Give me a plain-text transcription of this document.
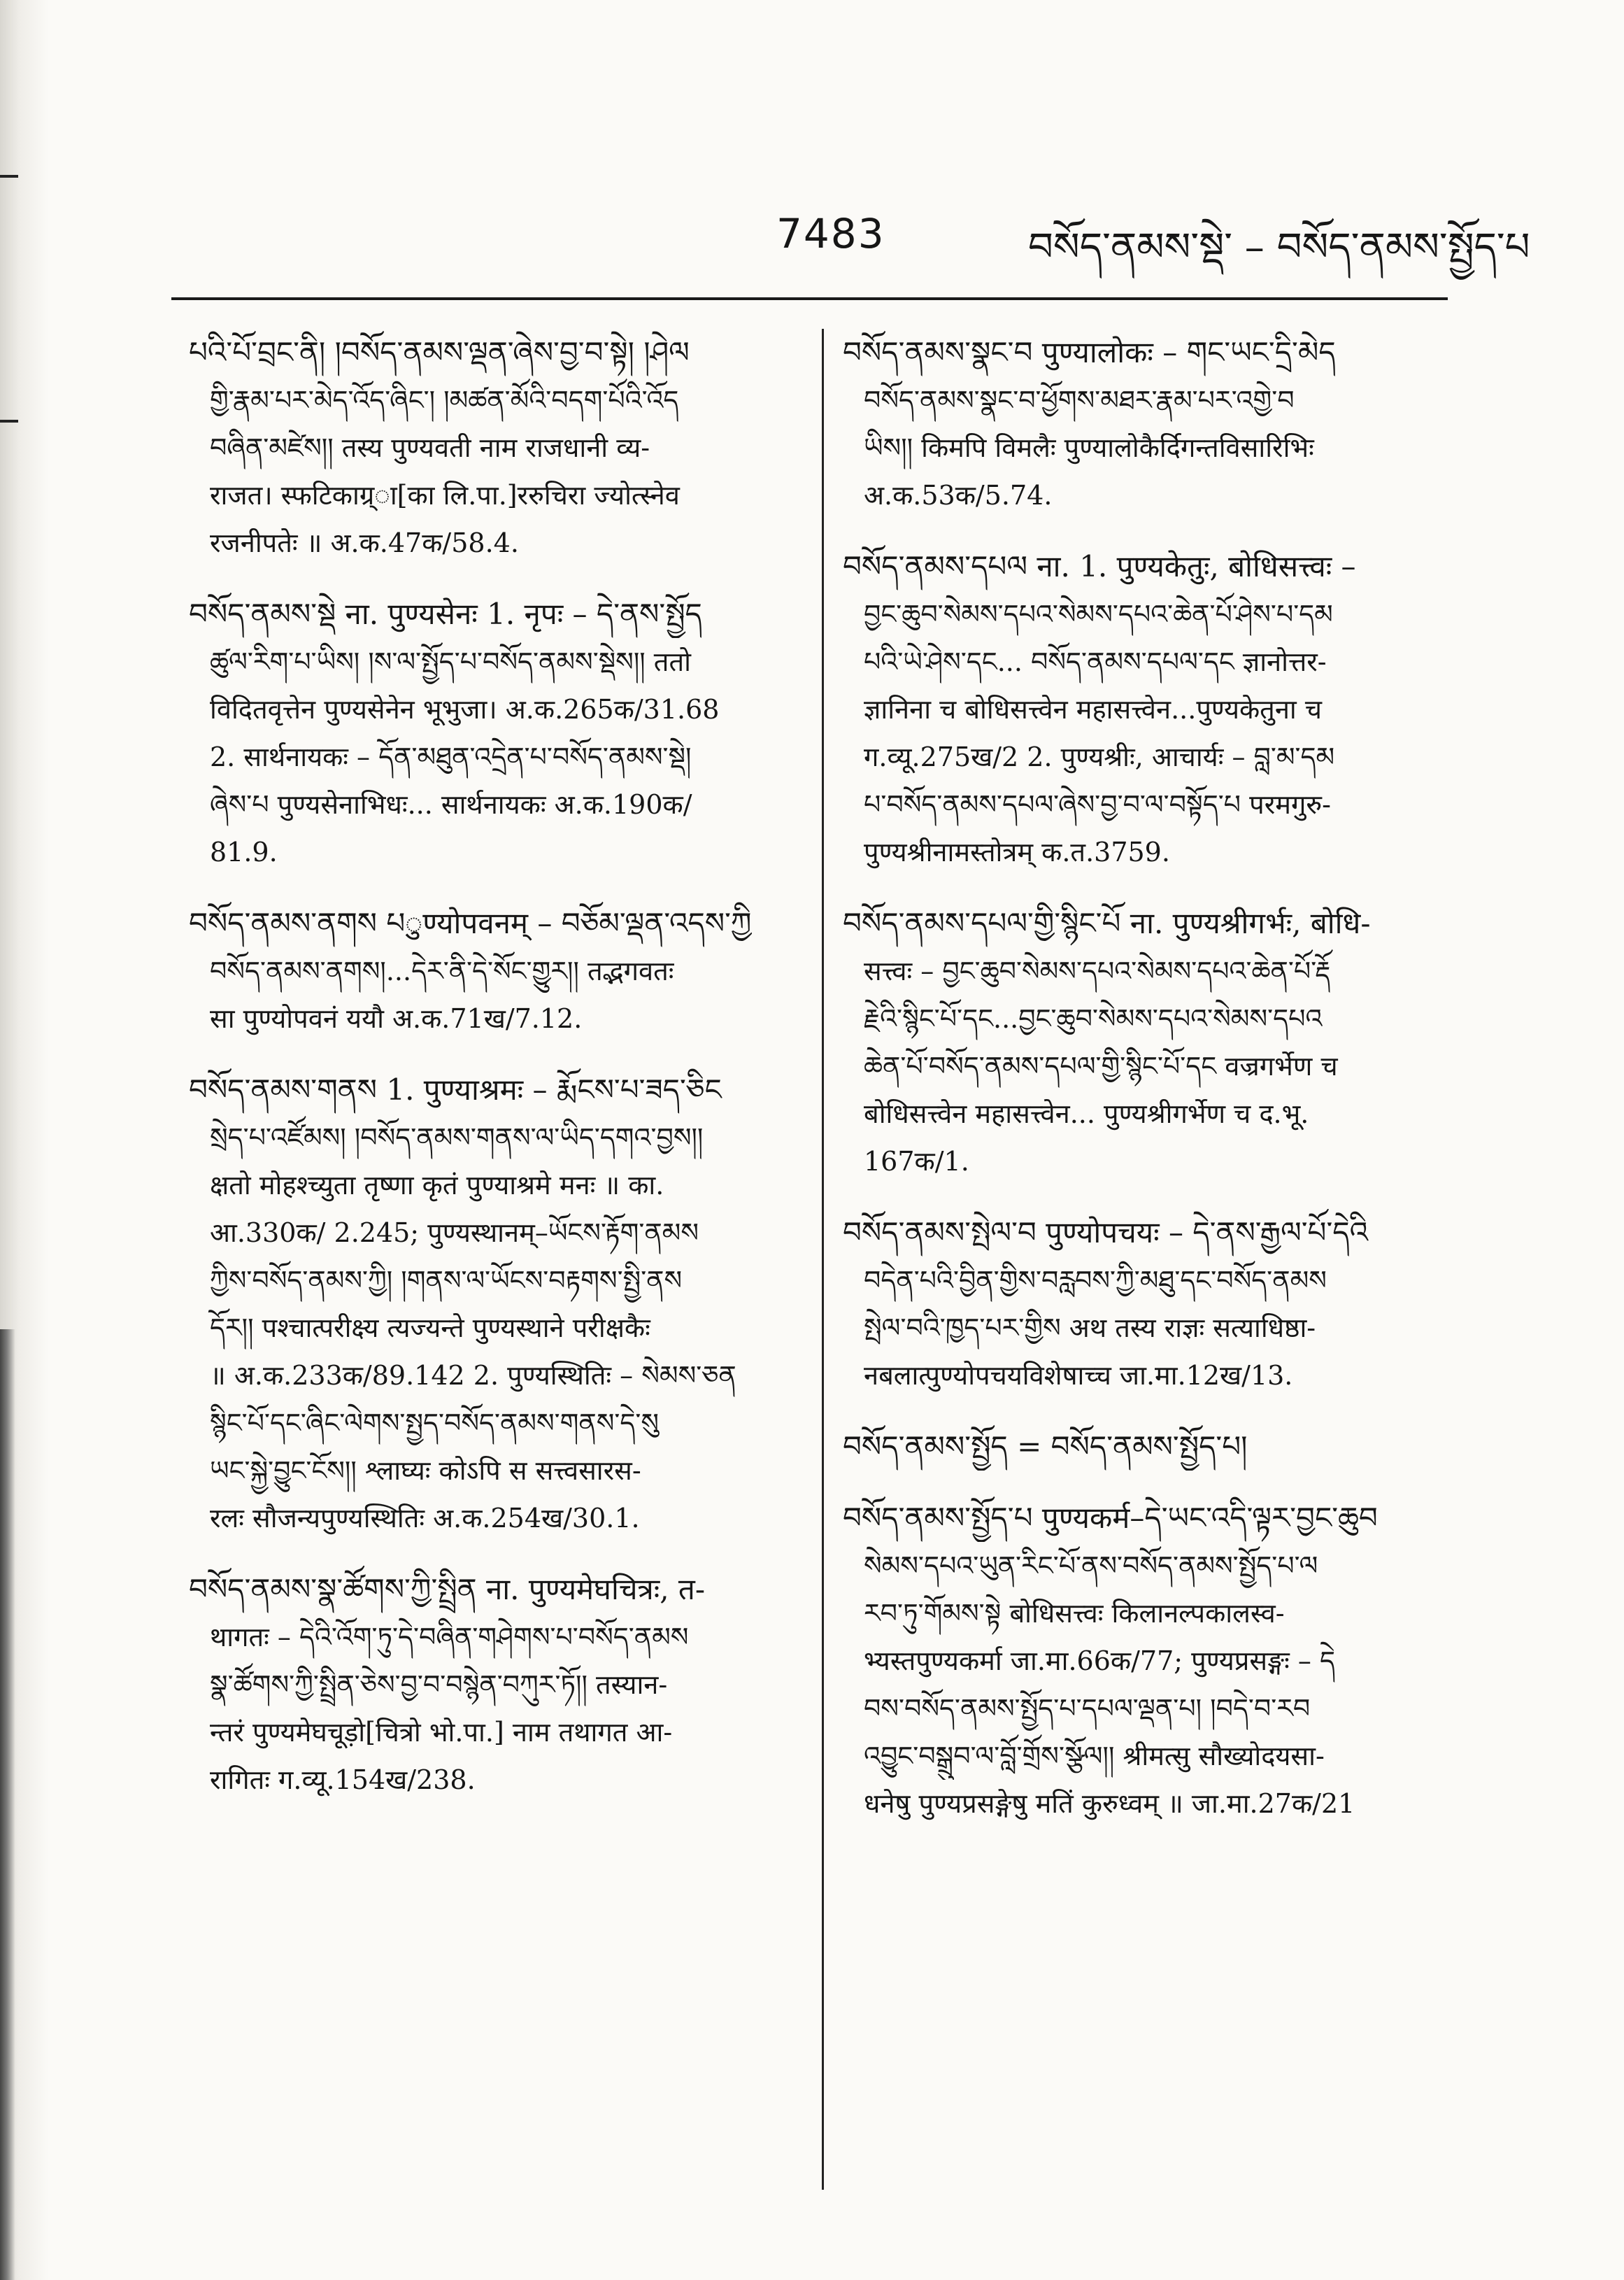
7483	བསོད་ནམས་སྡེ་ – བསོད་ནམས་སྤྱོད་པ
པའི་པོ་བྲང་ནི། །བསོད་ནམས་ལྡན་ཞེས་བྱ་བ་སྟེ། །ཤེལ
གྱི་རྣམ་པར་མེད་འོད་ཞིང་། །མཚན་མོའི་བདག་པོའི་འོད
བཞིན་མཛེས།། तस्य पुण्यवती नाम राजधानी व्य-
राजत। स्फटिकाग्र्ा[का लि.पा.]ररुचिरा ज्योत्स्नेव
रजनीपतेः ॥ अ.क.47क/58.4.
བསོད་ནམས་སྡེ ना. पुण्यसेनः 1. नृपः – དེ་ནས་སྤྱོད
ཚུལ་རིག་པ་ཡིས། །ས་ལ་སྤྱོད་པ་བསོད་ནམས་སྡེས།། ततो
विदितवृत्तेन पुण्यसेनेन भूभुजा। अ.क.265क/31.68
2. सार्थनायकः – དོན་མཐུན་འདྲེན་པ་བསོད་ནམས་སྡེ།
ཞེས་པ पुण्यसेनाभिधः... सार्थनायकः अ.क.190क/
81.9.
བསོད་ནམས་ནགས པुण्योपवनम् – བཅོམ་ལྡན་འདས་ཀྱི
བསོད་ནམས་ནགས།...དེར་ནི་དེ་སོང་གྱུར།། तद्भगवतः
सा पुण्योपवनं ययौ अ.क.71ख/7.12.
བསོད་ནམས་གནས 1. पुण्याश्रमः – རྨོངས་པ་ཟད་ཅིང
སྲེད་པ་འཛོམས། །བསོད་ནམས་གནས་ལ་ཡིད་དགའ་བྱས།།
क्षतो मोहश्च्युता तृष्णा कृतं पुण्याश्रमे मनः ॥ का.
आ.330क/ 2.245; पुण्यस्थानम्–ཡོངས་རྟོག་ནམས
ཀྱིས་བསོད་ནམས་ཀྱི། །གནས་ལ་ཡོངས་བརྟགས་སྤྱི་ནས
དོར།། पश्चात्परीक्ष्य त्यज्यन्ते पुण्यस्थाने परीक्षकैः
॥ अ.क.233क/89.142 2. पुण्यस्थितिः – སེམས་ཅན
སྙིང་པོ་དང་ཞིང་ལེགས་སྤྱད་བསོད་ནམས་གནས་དེ་སུ
ཡང་སྐྱེ་བྱུང་ངོས།། श्लाघ्यः कोऽपि स सत्त्वसारस-
रलः सौजन्यपुण्यस्थितिः अ.क.254ख/30.1.
བསོད་ནམས་སྣ་ཚོགས་ཀྱི་སྤྲིན ना. पुण्यमेघचित्रः, त-
थागतः – དེའི་འོག་ཏུ་དེ་བཞིན་གཤེགས་པ་བསོད་ནམས
སྣ་ཚོགས་ཀྱི་སྤྲིན་ཅེས་བྱ་བ་བསྙེན་བཀུར་ཏོ།། तस्यान-
न्तरं पुण्यमेघचूड़ो[चित्रो भो.पा.] नाम तथागत आ-
रागितः ग.व्यू.154ख/238.
བསོད་ནམས་སྣང་བ पुण्यालोकः – གང་ཡང་དྲི་མེད
བསོད་ནམས་སྣང་བ་ཕྱོགས་མཐར་རྣམ་པར་འགྱེ་བ
ཡིས།། किमपि विमलैः पुण्यालोकैर्दिगन्तविसारिभिः
अ.क.53क/5.74.
བསོད་ནམས་དཔལ ना. 1. पुण्यकेतुः, बोधिसत्त्वः –
བྱང་ཆུབ་སེམས་དཔའ་སེམས་དཔའ་ཆེན་པོ་ཤེས་པ་དམ
པའི་ཡེ་ཤེས་དང... བསོད་ནམས་དཔལ་དང ज्ञानोत्तर-
ज्ञानिना च बोधिसत्त्वेन महासत्त्वेन...पुण्यकेतुना च
ग.व्यू.275ख/2 2. पुण्यश्रीः, आचार्यः – བླ་མ་དམ
པ་བསོད་ནམས་དཔལ་ཞེས་བྱ་བ་ལ་བསྟོད་པ परमगुरु-
पुण्यश्रीनामस्तोत्रम् क.त.3759.
བསོད་ནམས་དཔལ་གྱི་སྙིང་པོ ना. पुण्यश्रीगर्भः, बोधि-
सत्त्वः – བྱང་ཆུབ་སེམས་དཔའ་སེམས་དཔའ་ཆེན་པོ་རྡོ
རྗེའི་སྙིང་པོ་དང...བྱང་ཆུབ་སེམས་དཔའ་སེམས་དཔའ
ཆེན་པོ་བསོད་ནམས་དཔལ་གྱི་སྙིང་པོ་དང वज्रगर्भेण च
बोधिसत्त्वेन महासत्त्वेन... पुण्यश्रीगर्भेण च द.भू.
167क/1.
བསོད་ནམས་སྤེལ་བ पुण्योपचयः – དེ་ནས་རྒྱལ་པོ་དེའི
བདེན་པའི་བྱིན་གྱིས་བརླབས་ཀྱི་མཐུ་དང་བསོད་ནམས
སྤེལ་བའི་ཁྱད་པར་གྱིས अथ तस्य राज्ञः सत्याधिष्ठा-
नबलात्पुण्योपचयविशेषाच्च जा.मा.12ख/13.
བསོད་ནམས་སྤྱོད = བསོད་ནམས་སྤྱོད་པ།
བསོད་ནམས་སྤྱོད་པ पुण्यकर्म–དེ་ཡང་འདི་ལྟར་བྱང་ཆུབ
སེམས་དཔའ་ཡུན་རིང་པོ་ནས་བསོད་ནམས་སྤྱོད་པ་ལ
རབ་ཏུ་གོམས་སྟེ बोधिसत्त्वः किलानल्पकालस्व-
भ्यस्तपुण्यकर्मा जा.मा.66क/77; पुण्यप्रसङ्गः – དེ
བས་བསོད་ནམས་སྤྱོད་པ་དཔལ་ལྡན་པ། །བདེ་བ་རབ
འབྱུང་བསྒྲུབ་ལ་བློ་གྲོས་སྩོལ།། श्रीमत्सु सौख्योदयसा-
धनेषु पुण्यप्रसङ्गेषु मतिं कुरुध्वम् ॥ जा.मा.27क/21
